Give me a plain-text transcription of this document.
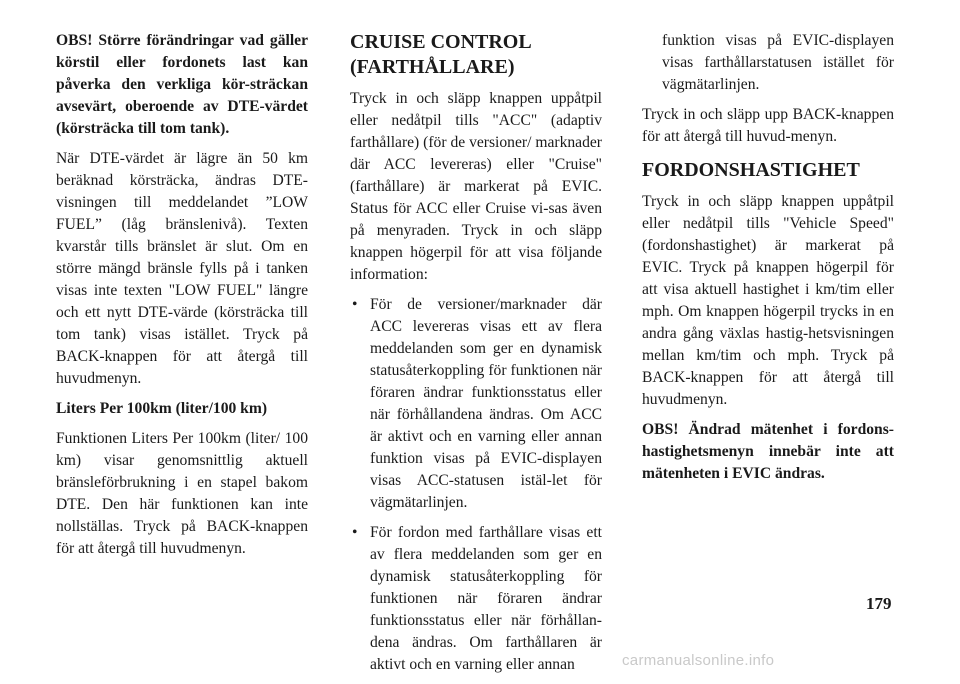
OBS! Större förändringar vad gäller körstil eller fordonets last kan påverka den verkliga kör-sträckan avsevärt, oberoende av DTE-värdet (körsträcka till tom tank).

När DTE-värdet är lägre än 50 km beräknad körsträcka, ändras DTE-visningen till meddelandet ”LOW FUEL” (låg bränslenivå). Texten kvarstår tills bränslet är slut. Om en större mängd bränsle fylls på i tanken visas inte texten "LOW FUEL" längre och ett nytt DTE-värde (körsträcka till tom tank) visas istället. Tryck på BACK-knappen för att återgå till huvudmenyn.

Liters Per 100km (liter/100 km)

Funktionen Liters Per 100km (liter/ 100 km) visar genomsnittlig aktuell bränsleförbrukning i en stapel bakom DTE. Den här funktionen kan inte nollställas. Tryck på BACK-knappen för att återgå till huvudmenyn.

CRUISE CONTROL (FARTHÅLLARE)

Tryck in och släpp knappen uppåtpil eller nedåtpil tills "ACC" (adaptiv farthållare) (för de versioner/ marknader där ACC levereras) eller "Cruise" (farthållare) är markerat på EVIC. Status för ACC eller Cruise vi-sas även på menyraden. Tryck in och släpp knappen högerpil för att visa följande information:

• För de versioner/marknader där ACC levereras visas ett av flera meddelanden som ger en dynamisk statusåterkoppling för funktionen när föraren ändrar funktionsstatus eller när förhållandena ändras. Om ACC är aktivt och en varning eller annan funktion visas på EVIC-displayen visas ACC-statusen istäl-let för vägmätarlinjen.
• För fordon med farthållare visas ett av flera meddelanden som ger en dynamisk statusåterkoppling för funktionen när föraren ändrar funktionsstatus eller när förhållan-dena ändras. Om farthållaren är aktivt och en varning eller annan
funktion visas på EVIC-displayen visas farthållarstatusen istället för vägmätarlinjen.

Tryck in och släpp upp BACK-knappen för att återgå till huvud-menyn.

FORDONSHASTIGHET

Tryck in och släpp knappen uppåtpil eller nedåtpil tills "Vehicle Speed" (fordonshastighet) är markerat på EVIC. Tryck på knappen högerpil för att visa aktuell hastighet i km/tim eller mph. Om knappen högerpil trycks in en andra gång växlas hastig-hetsvisningen mellan km/tim och mph. Tryck på BACK-knappen för att återgå till huvudmenyn.

OBS! Ändrad mätenhet i fordons-hastighetsmenyn innebär inte att mätenheten i EVIC ändras.

179
carmanualsonline.info
